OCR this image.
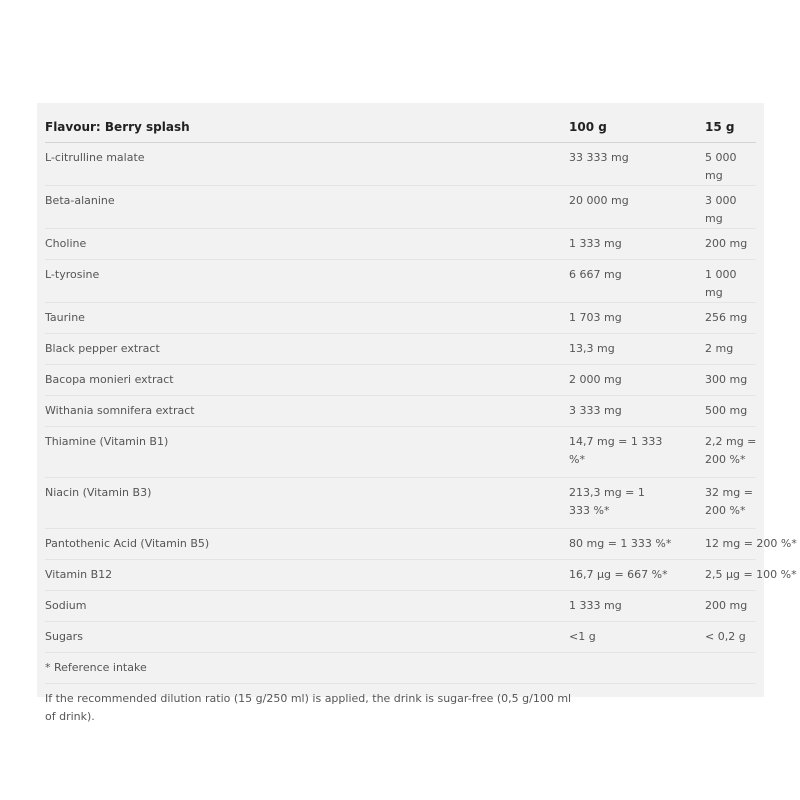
Flavour: Berry splash	100 g	15 g
L-citrulline malate	33 333 mg	5 000 mg
Beta-alanine	20 000 mg	3 000 mg
Choline	1 333 mg	200 mg
L-tyrosine	6 667 mg	1 000 mg
Taurine	1 703 mg	256 mg
Black pepper extract	13,3 mg	2 mg
Bacopa monieri extract	2 000 mg	300 mg
Withania somnifera extract	3 333 mg	500 mg
Thiamine (Vitamin B1)	14,7 mg = 1 333 %*	2,2 mg = 200 %*

Niacin (Vitamin B3)	213,3 mg = 1 333 %*	32 mg = 200 %*

Pantothenic Acid (Vitamin B5)	80 mg = 1 333 %*	12 mg = 200 %*
Vitamin B12	16,7 µg = 667 %*	2,5 µg = 100 %*
Sodium	1 333 mg	200 mg
Sugars	<1 g	< 0,2 g
* Reference intake		

If the recommended dilution ratio (15 g/250 ml) is applied, the drink is sugar-free (0,5 g/100 ml of drink).		
